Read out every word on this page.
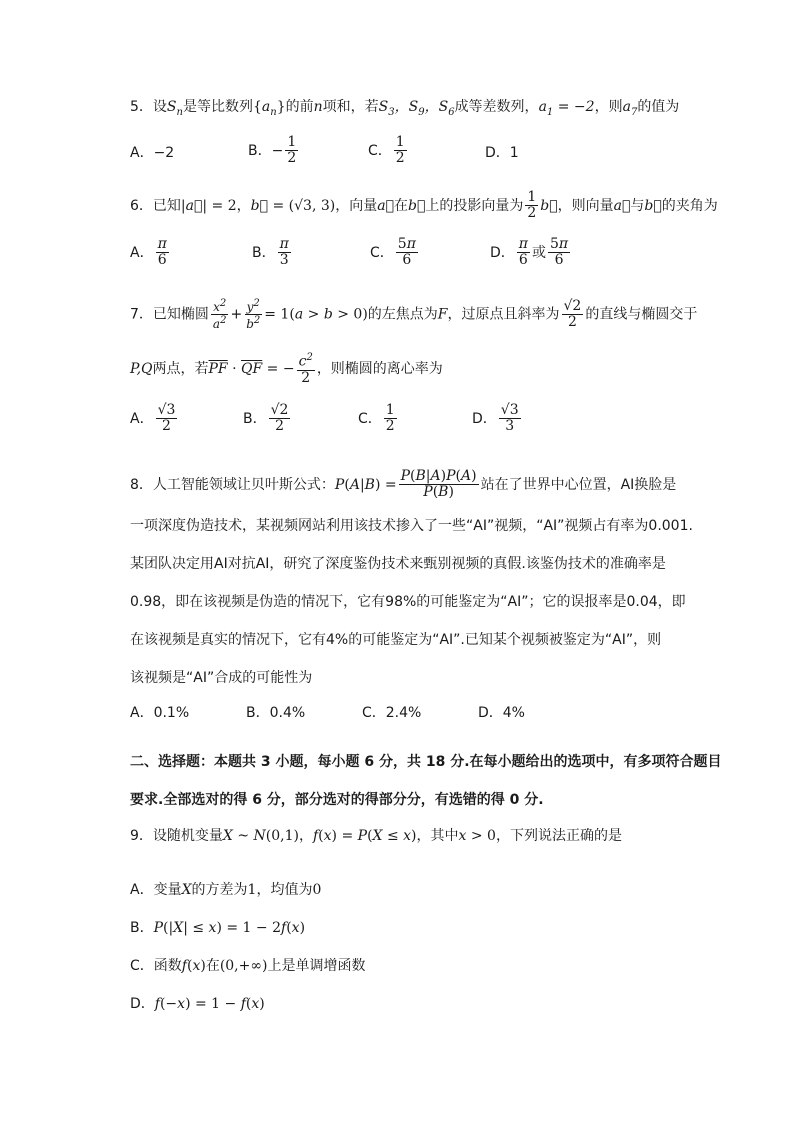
5．设$S_n$是等比数列$\{a_n\}$的前n项和，若$S_3$，$S_9$，$S_6$成等差数列，$a_1 = -2$，则$a_7$的值为
A．−2	B．− $\frac{1}{2}$	C． $\frac{1}{2}$	D．1
6．已知|a⃗| = 2，b⃗ = (√3, 3)，向量a⃗在b⃗上的投影向量为 $\frac{1}{2}$ b⃗，则向量a⃗与b⃗的夹角为
A． $\frac{\pi}{6}$	B． $\frac{\pi}{3}$	C． $\frac{5\pi}{6}$	D． $\frac{\pi}{6}$ 或 $\frac{5\pi}{6}$
7．已知椭圆 $\frac{x^2}{a^2} + \frac{y^2}{b^2} = 1(a > b > 0)$的左焦点为F，过原点且斜率为 $\frac{√2}{2}$ 的直线与椭圆交于
P,Q两点，若$\overline{PF} \cdot \overline{QF}$ = − $\frac{c^2}{2}$ ，则椭圆的离心率为
A． $\frac{√3}{2}$	B． $\frac{√2}{2}$	C． $\frac{1}{2}$	D． $\frac{√3}{3}$
8．人工智能领域让贝叶斯公式：$P(A|B) = \frac{P(B|A)P(A)}{P(B)}$ 站在了世界中心位置，AI换脸是
一项深度伪造技术，某视频网站利用该技术掺入了一些“AI”视频，“AI”视频占有率为0.001.
某团队决定用AI对抗AI，研究了深度鉴伪技术来甄别视频的真假.该鉴伪技术的准确率是
0.98，即在该视频是伪造的情况下，它有98%的可能鉴定为“AI”；它的误报率是0.04，即
在该视频是真实的情况下，它有4%的可能鉴定为“AI”.已知某个视频被鉴定为“AI”，则
该视频是“AI”合成的可能性为
A．0.1%	B．0.4%	C．2.4%	D．4%
二、选择题：本题共 3 小题，每小题 6 分，共 18 分.在每小题给出的选项中，有多项符合题目
要求.全部选对的得 6 分，部分选对的得部分分，有选错的得 0 分.
9．设随机变量X ~ N(0,1)，f(x) = P(X ≤ x)，其中x > 0，下列说法正确的是
A．变量X的方差为1，均值为0
B．P(|X| ≤ x) = 1 − 2f(x)
C．函数f(x)在(0,+∞)上是单调增函数
D．f(−x) = 1 − f(x)
